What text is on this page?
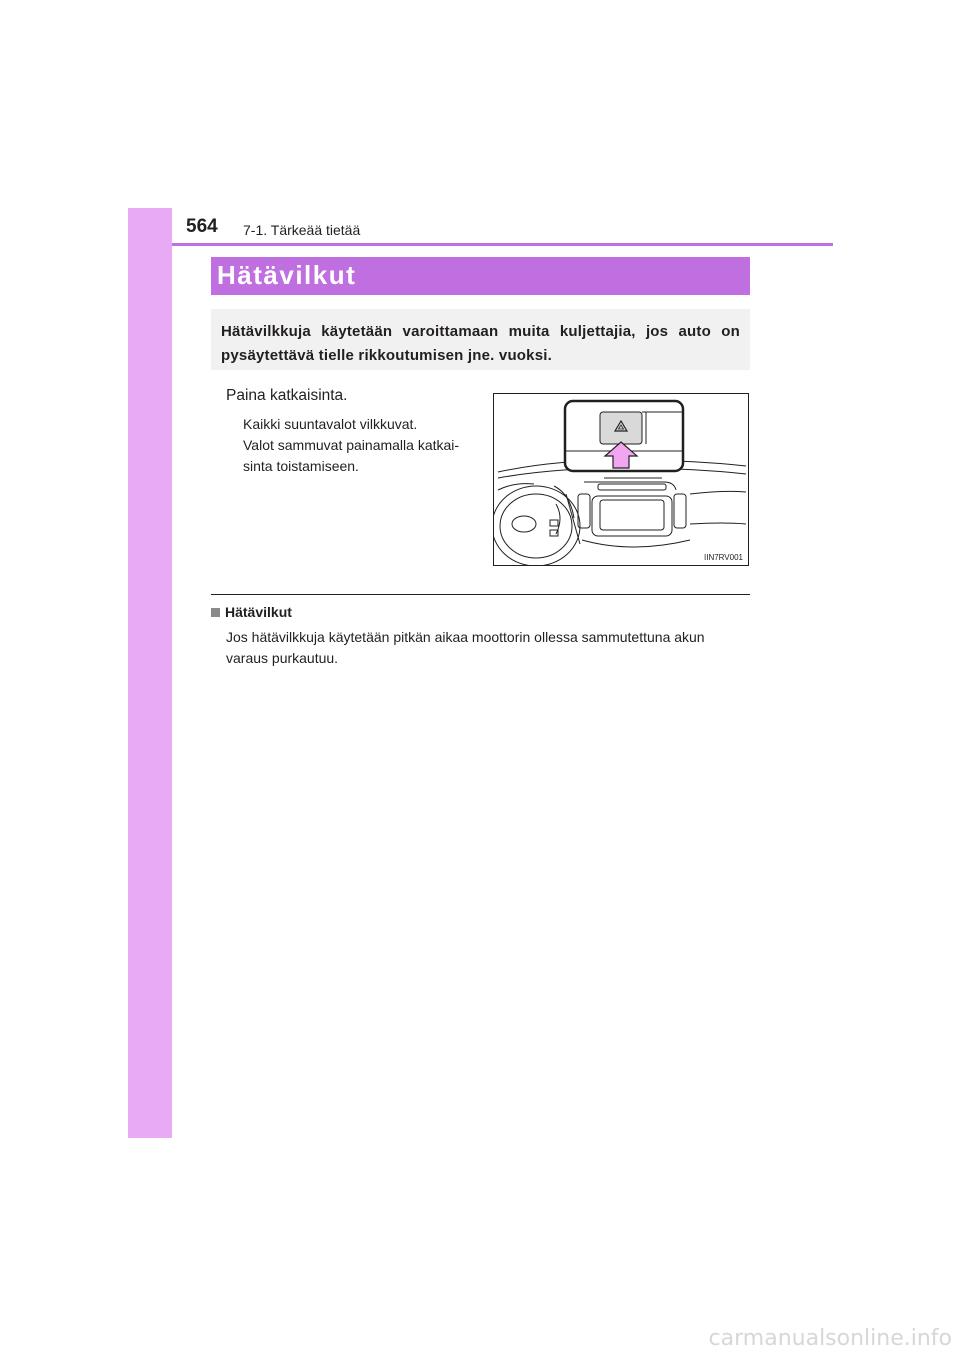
564 7-1. Tärkeää tietää
Hätävilkut

Hätävilkkuja käytetään varoittamaan muita kuljettajia, jos auto on pysäytettävä tielle rikkoutumisen jne. vuoksi.

Paina katkaisinta.
Kaikki suuntavalot vilkkuvat.
Valot sammuvat painamalla katkai-
sinta toistamiseen.
IIN7RV001
Hätävilkut
Jos hätävilkkuja käytetään pitkän aikaa moottorin ollessa sammutettuna akun varaus purkautuu.
carmanualsonline.info
